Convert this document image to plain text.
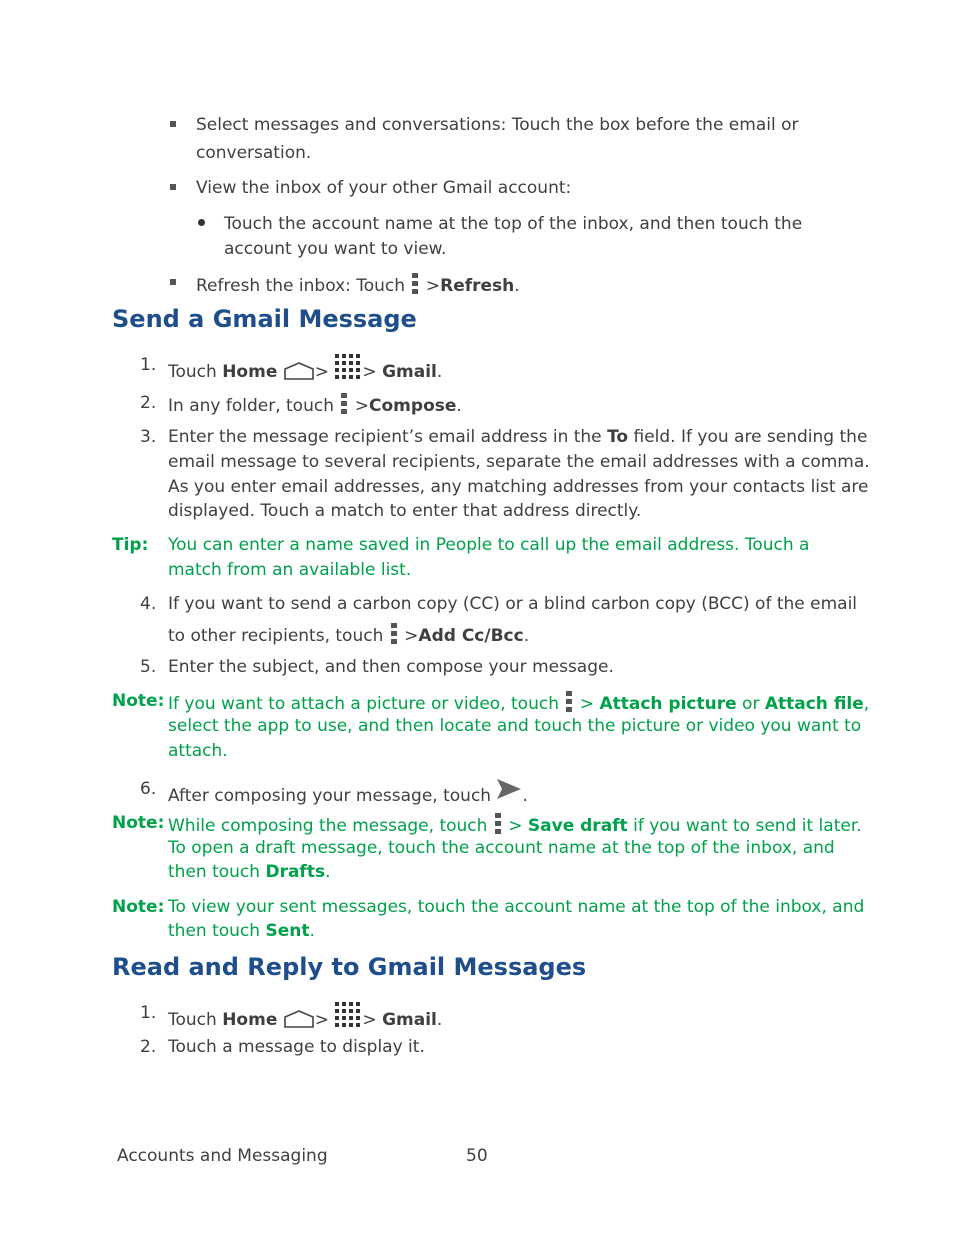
Select messages and conversations: Touch the box before the email or
conversation.
View the inbox of your other Gmail account:
Touch the account name at the top of the inbox, and then touch the
account you want to view.
Refresh the inbox: Touch >Refresh.
Send a Gmail Message
1. Touch Home > > Gmail.
2. In any folder, touch >Compose.
3. Enter the message recipient’s email address in the To field. If you are sending the
email message to several recipients, separate the email addresses with a comma.
As you enter email addresses, any matching addresses from your contacts list are
displayed. Touch a match to enter that address directly.
Tip: You can enter a name saved in People to call up the email address. Touch a
match from an available list.
4. If you want to send a carbon copy (CC) or a blind carbon copy (BCC) of the email
to other recipients, touch >Add Cc/Bcc.
5. Enter the subject, and then compose your message.
Note: If you want to attach a picture or video, touch > Attach picture or Attach file,
select the app to use, and then locate and touch the picture or video you want to
attach.
6. After composing your message, touch .
Note: While composing the message, touch > Save draft if you want to send it later.
To open a draft message, touch the account name at the top of the inbox, and
then touch Drafts.
Note: To view your sent messages, touch the account name at the top of the inbox, and
then touch Sent.
Read and Reply to Gmail Messages
1. Touch Home > > Gmail.
2. Touch a message to display it.
Accounts and Messaging	50
